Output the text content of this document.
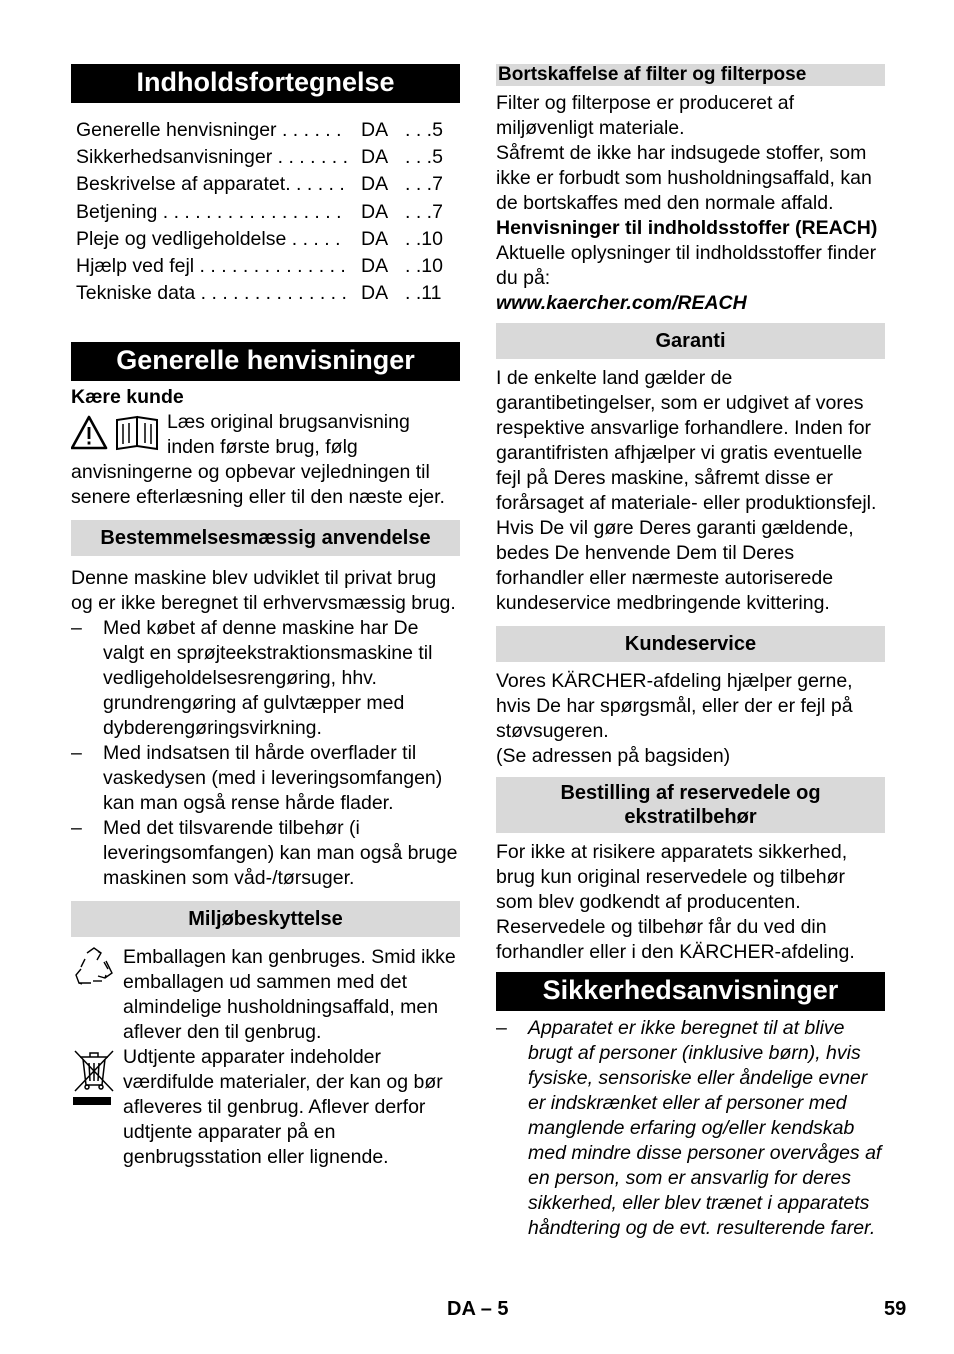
Indholdsfortegnelse
Generelle henvisninger . . . . . . DA . . .5
Sikkerhedsanvisninger . . . . . . . DA . . .5
Beskrivelse af apparatet. . . . . . DA . . .7
Betjening . . . . . . . . . . . . . . . . . DA . . .7
Pleje og vedligeholdelse . . . . .	DA . .10
Hjælp ved fejl . . . . . . . . . . . . . . DA . .10
Tekniske data . . . . . . . . . . . . . . DA . .11
Generelle henvisninger

Kære kunde

Læs original brugsanvisning inden første brug, følg anvisningerne og opbevar vejledningen til senere efterlæsning eller til den næste ejer.
Bestemmelsesmæssig anvendelse

Denne maskine blev udviklet til privat brug og er ikke beregnet til erhvervsmæssig brug.

–	Med købet af denne maskine har De valgt en sprøjteekstraktionsmaskine til vedligeholdelsesrengøring, hhv. grundrengøring af gulvtæpper med dybderengøringsvirkning.
–	Med indsatsen til hårde overflader til vaskedysen (med i leveringsomfangen) kan man også rense hårde flader.
–	Med det tilsvarende tilbehør (i leveringsomfangen) kan man også bruge maskinen som våd-/tørsuger.
Miljøbeskyttelse

Emballagen kan genbruges. Smid ikke emballagen ud sammen med det almindelige husholdningsaffald, men aflever den til genbrug.

Udtjente apparater indeholder værdifulde materialer, der kan og bør afleveres til genbrug. Aflever derfor udtjente apparater på en genbrugsstation eller lignende.

Bortskaffelse af filter og filterpose

Filter og filterpose er produceret af miljøvenligt materiale.

Såfremt de ikke har indsugede stoffer, som ikke er forbudt som husholdningsaffald, kan de bortskaffes med den normale affald.

Henvisninger til indholdsstoffer (REACH)

Aktuelle oplysninger til indholdsstoffer finder du på:

www.kaercher.com/REACH

Garanti

I de enkelte land gælder de garantibetingelser, som er udgivet af vores respektive ansvarlige forhandlere. Inden for garantifristen afhjælper vi gratis eventuelle fejl på Deres maskine, såfremt disse er forårsaget af materiale- eller produktionsfejl. Hvis De vil gøre Deres garanti gældende, bedes De henvende Dem til Deres forhandler eller nærmeste autoriserede kundeservice medbringende kvittering.

Kundeservice

Vores KÄRCHER-afdeling hjælper gerne, hvis De har spørgsmål, eller der er fejl på støvsugeren.

(Se adressen på bagsiden)

Bestilling af reservedele og ekstratilbehør

For ikke at risikere apparatets sikkerhed, brug kun original reservedele og tilbehør som blev godkendt af producenten. Reservedele og tilbehør får du ved din forhandler eller i den KÄRCHER-afdeling.

Sikkerhedsanvisninger
–	Apparatet er ikke beregnet til at blive brugt af personer (inklusive børn), hvis fysiske, sensoriske eller åndelige evner er indskrænket eller af personer med manglende erfaring og/eller kendskab med mindre disse personer overvåges af en person, som er ansvarlig for deres sikkerhed, eller blev trænet i apparatets håndtering og de evt. resulterende farer.
DA – 5	59
